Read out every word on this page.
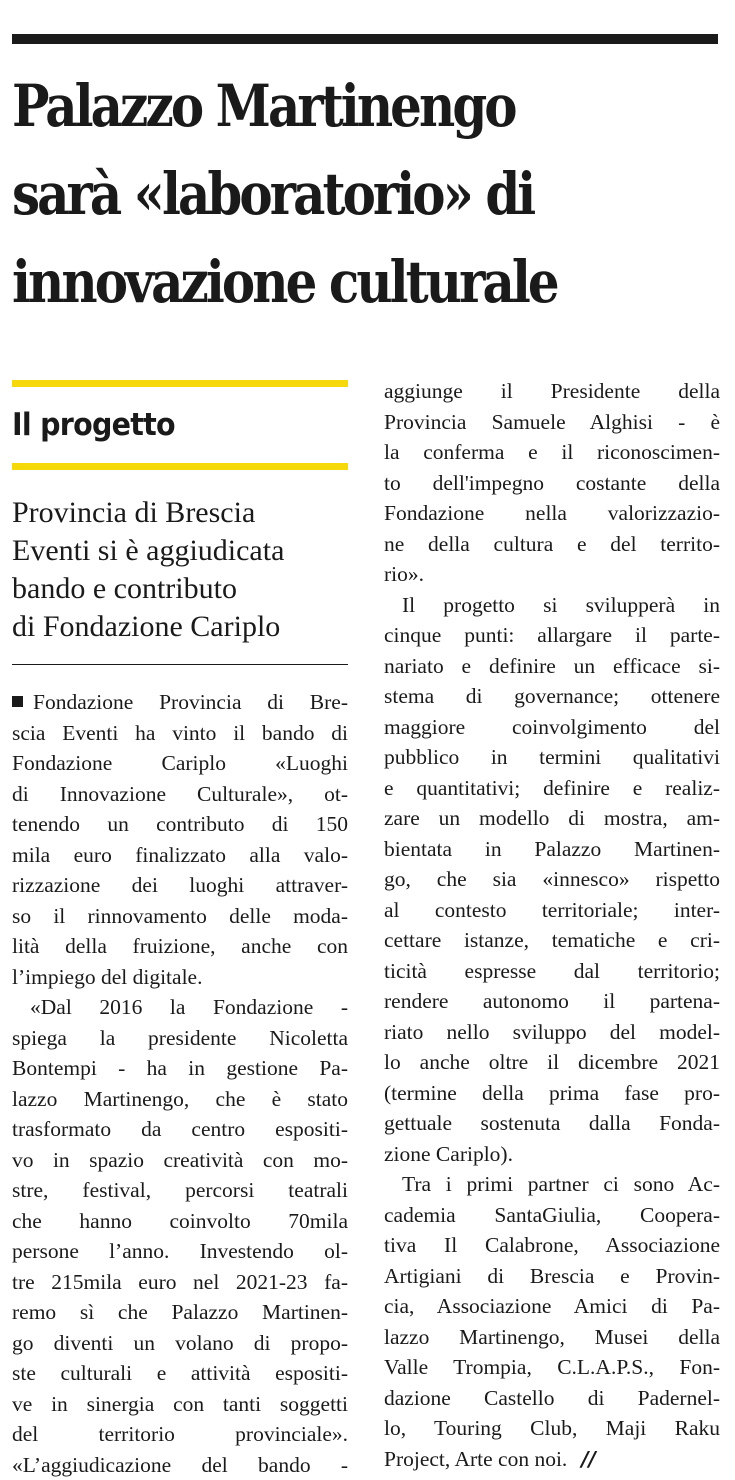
Palazzo Martinengo
sarà «laboratorio» di
innovazione culturale
Il progetto
Provincia di Brescia
Eventi si è aggiudicata
bando e contributo
di Fondazione Cariplo
Fondazione Provincia di Bre-
scia Eventi ha vinto il bando di
Fondazione Cariplo «Luoghi
di Innovazione Culturale», ot-
tenendo un contributo di 150
mila euro finalizzato alla valo-
rizzazione dei luoghi attraver-
so il rinnovamento delle moda-
lità della fruizione, anche con
l’impiego del digitale.
«Dal 2016 la Fondazione -
spiega la presidente Nicoletta
Bontempi - ha in gestione Pa-
lazzo Martinengo, che è stato
trasformato da centro espositi-
vo in spazio creatività con mo-
stre, festival, percorsi teatrali
che hanno coinvolto 70mila
persone l’anno. Investendo ol-
tre 215mila euro nel 2021-23 fa-
remo sì che Palazzo Martinen-
go diventi un volano di propo-
ste culturali e attività espositi-
ve in sinergia con tanti soggetti
del territorio provinciale».
«L’aggiudicazione del bando -
aggiunge il Presidente della
Provincia Samuele Alghisi - è
la conferma e il riconoscimen-
to dell'impegno costante della
Fondazione nella valorizzazio-
ne della cultura e del territo-
rio».
Il progetto si svilupperà in
cinque punti: allargare il parte-
nariato e definire un efficace si-
stema di governance; ottenere
maggiore coinvolgimento del
pubblico in termini qualitativi
e quantitativi; definire e realiz-
zare un modello di mostra, am-
bientata in Palazzo Martinen-
go, che sia «innesco» rispetto
al contesto territoriale; inter-
cettare istanze, tematiche e cri-
ticità espresse dal territorio;
rendere autonomo il partena-
riato nello sviluppo del model-
lo anche oltre il dicembre 2021
(termine della prima fase pro-
gettuale sostenuta dalla Fonda-
zione Cariplo).
Tra i primi partner ci sono Ac-
cademia SantaGiulia, Coopera-
tiva Il Calabrone, Associazione
Artigiani di Brescia e Provin-
cia, Associazione Amici di Pa-
lazzo Martinengo, Musei della
Valle Trompia, C.L.A.P.S., Fon-
dazione Castello di Padernel-
lo, Touring Club, Maji Raku
Project, Arte con noi. //
